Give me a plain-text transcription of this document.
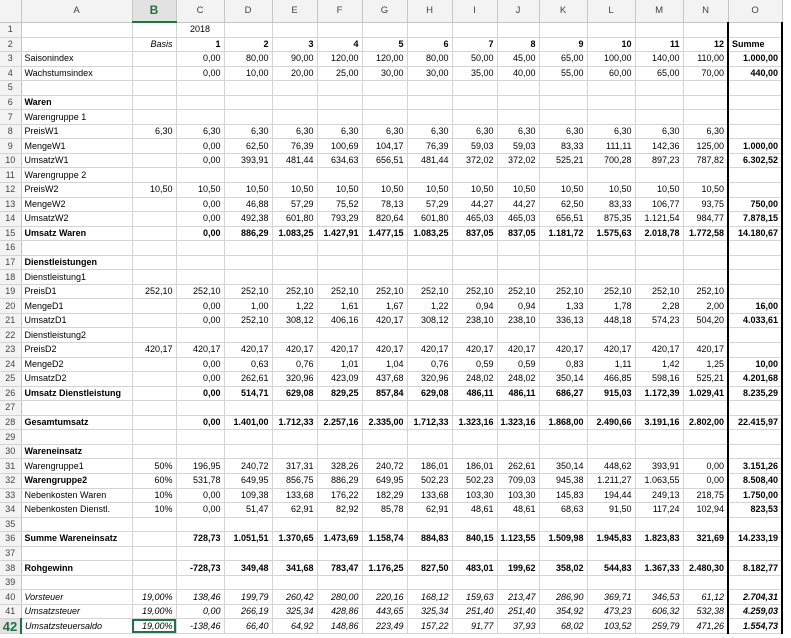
	A	B	C	D	E	F	G	H	I	J	K	L	M	N	O
1			2018												
2		Basis	1	2	3	4	5	6	7	8	9	10	11	12	Summe
3	Saisonindex		0,00	80,00	90,00	120,00	120,00	80,00	50,00	45,00	65,00	100,00	140,00	110,00	1.000,00
4	Wachstumsindex		0,00	10,00	20,00	25,00	30,00	30,00	35,00	40,00	55,00	60,00	65,00	70,00	440,00
5															
6	Waren														
7	Warengruppe 1														
8	PreisW1	6,30	6,30	6,30	6,30	6,30	6,30	6,30	6,30	6,30	6,30	6,30	6,30	6,30	
9	MengeW1		0,00	62,50	76,39	100,69	104,17	76,39	59,03	59,03	83,33	111,11	142,36	125,00	1.000,00
10	UmsatzW1		0,00	393,91	481,44	634,63	656,51	481,44	372,02	372,02	525,21	700,28	897,23	787,82	6.302,52
11	Warengruppe 2														
12	PreisW2	10,50	10,50	10,50	10,50	10,50	10,50	10,50	10,50	10,50	10,50	10,50	10,50	10,50	
13	MengeW2		0,00	46,88	57,29	75,52	78,13	57,29	44,27	44,27	62,50	83,33	106,77	93,75	750,00
14	UmsatzW2		0,00	492,38	601,80	793,29	820,64	601,80	465,03	465,03	656,51	875,35	1.121,54	984,77	7.878,15
15	Umsatz Waren		0,00	886,29	1.083,25	1.427,91	1.477,15	1.083,25	837,05	837,05	1.181,72	1.575,63	2.018,78	1.772,58	14.180,67
16															
17	Dienstleistungen														
18	Dienstleistung1														
19	PreisD1	252,10	252,10	252,10	252,10	252,10	252,10	252,10	252,10	252,10	252,10	252,10	252,10	252,10	
20	MengeD1		0,00	1,00	1,22	1,61	1,67	1,22	0,94	0,94	1,33	1,78	2,28	2,00	16,00
21	UmsatzD1		0,00	252,10	308,12	406,16	420,17	308,12	238,10	238,10	336,13	448,18	574,23	504,20	4.033,61
22	Dienstleistung2														
23	PreisD2	420,17	420,17	420,17	420,17	420,17	420,17	420,17	420,17	420,17	420,17	420,17	420,17	420,17	
24	MengeD2		0,00	0,63	0,76	1,01	1,04	0,76	0,59	0,59	0,83	1,11	1,42	1,25	10,00
25	UmsatzD2		0,00	262,61	320,96	423,09	437,68	320,96	248,02	248,02	350,14	466,85	598,16	525,21	4.201,68
26	Umsatz Dienstleistung		0,00	514,71	629,08	829,25	857,84	629,08	486,11	486,11	686,27	915,03	1.172,39	1.029,41	8.235,29
27															
28	Gesamtumsatz		0,00	1.401,00	1.712,33	2.257,16	2.335,00	1.712,33	1.323,16	1.323,16	1.868,00	2.490,66	3.191,16	2.802,00	22.415,97
29															
30	Wareneinsatz														
31	Warengruppe1	50%	196,95	240,72	317,31	328,26	240,72	186,01	186,01	262,61	350,14	448,62	393,91	0,00	3.151,26
32	Warengruppe2	60%	531,78	649,95	856,75	886,29	649,95	502,23	502,23	709,03	945,38	1.211,27	1.063,55	0,00	8.508,40
33	Nebenkosten Waren	10%	0,00	109,38	133,68	176,22	182,29	133,68	103,30	103,30	145,83	194,44	249,13	218,75	1.750,00
34	Nebenkosten Dienstl.	10%	0,00	51,47	62,91	82,92	85,78	62,91	48,61	48,61	68,63	91,50	117,24	102,94	823,53
35															
36	Summe Wareneinsatz		728,73	1.051,51	1.370,65	1.473,69	1.158,74	884,83	840,15	1.123,55	1.509,98	1.945,83	1.823,83	321,69	14.233,19
37															
38	Rohgewinn		-728,73	349,48	341,68	783,47	1.176,25	827,50	483,01	199,62	358,02	544,83	1.367,33	2.480,30	8.182,77
39															
40	Vorsteuer	19,00%	138,46	199,79	260,42	280,00	220,16	168,12	159,63	213,47	286,90	369,71	346,53	61,12	2.704,31
41	Umsatzsteuer	19,00%	0,00	266,19	325,34	428,86	443,65	325,34	251,40	251,40	354,92	473,23	606,32	532,38	4.259,03
42	Umsatzsteuersaldo	19,00%	-138,46	66,40	64,92	148,86	223,49	157,22	91,77	37,93	68,02	103,52	259,79	471,26	1.554,73
